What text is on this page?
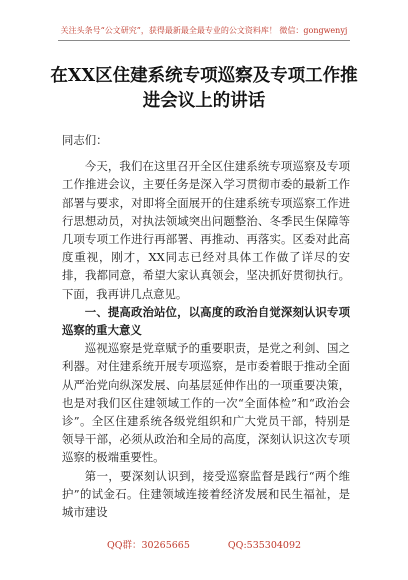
关注头条号“公文研究”，获得最新最全最专业的公文资料库！ 微信：gongwenyj
在XX区住建系统专项巡察及专项工作推进会议上的讲话

同志们：

今天，我们在这里召开全区住建系统专项巡察及专项工作推进会议，主要任务是深入学习贯彻市委的最新工作部署与要求，对即将全面展开的住建系统专项巡察工作进行思想动员，对执法领域突出问题整治、冬季民生保障等几项专项工作进行再部署、再推动、再落实。区委对此高度重视，刚才，XX同志已经对具体工作做了详尽的安排，我都同意，希望大家认真领会，坚决抓好贯彻执行。下面，我再讲几点意见。

一、提高政治站位，以高度的政治自觉深刻认识专项巡察的重大意义

巡视巡察是党章赋予的重要职责，是党之利剑、国之利器。对住建系统开展专项巡察，是市委着眼于推动全面从严治党向纵深发展、向基层延伸作出的一项重要决策，也是对我们区住建领域工作的一次“全面体检”和“政治会诊”。全区住建系统各级党组织和广大党员干部，特别是领导干部，必须从政治和全局的高度，深刻认识这次专项巡察的极端重要性。

第一，要深刻认识到，接受巡察监督是践行“两个维护”的试金石。住建领域连接着经济发展和民生福祉，是城市建设

QQ群：30265665	QQ:535304092
